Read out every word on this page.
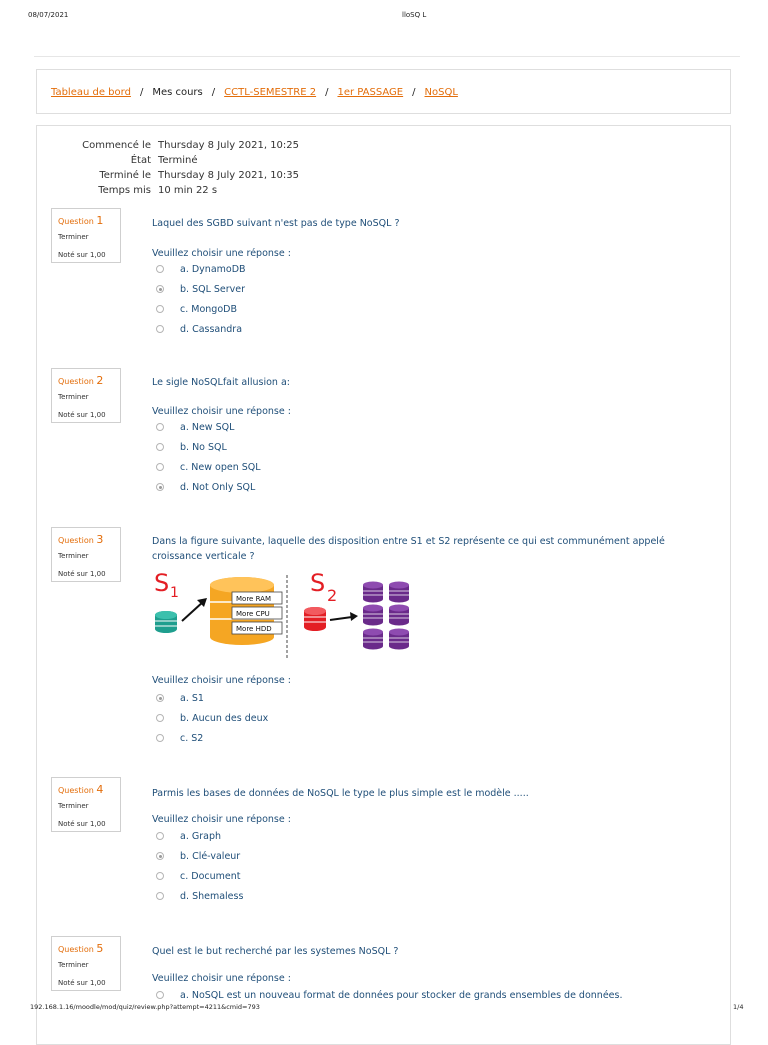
08/07/2021	lloSQ L
Tableau de bord / Mes cours / CCTL-SEMESTRE 2 / 1er PASSAGE / NoSQL
Commencé le Thursday 8 July 2021, 10:25
État Terminé
Terminé le Thursday 8 July 2021, 10:35
Temps mis 10 min 22 s
Question 1
Terminer
Noté sur 1,00
Laquel des SGBD suivant n'est pas de type NoSQL ?
Veuillez choisir une réponse :
a. DynamoDB
b. SQL Server
c. MongoDB
d. Cassandra
Question 2
Terminer
Noté sur 1,00
Le sigle NoSQLfait allusion a:
Veuillez choisir une réponse :
a. New SQL
b. No SQL
c. New open SQL
d. Not Only SQL
Question 3
Terminer
Noté sur 1,00
Dans la figure suivante, laquelle des disposition entre S1 et S2 représente ce qui est communément appelé croissance verticale ?
S 1	More RAM
More CPU
More HDD
S 2
Veuillez choisir une réponse :
a. S1
b. Aucun des deux
c. S2
Question 4
Terminer
Noté sur 1,00
Parmis les bases de données de NoSQL le type le plus simple est le modèle .....
Veuillez choisir une réponse :
a. Graph
b. Clé-valeur
c. Document
d. Shemaless
Question 5
Terminer
Noté sur 1,00
Quel est le but recherché par les systemes NoSQL ?
Veuillez choisir une réponse :
a. NoSQL est un nouveau format de données pour stocker de grands ensembles de données.
192.168.1.16/moodle/mod/quiz/review.php?attempt=4211&cmid=793	1/4
